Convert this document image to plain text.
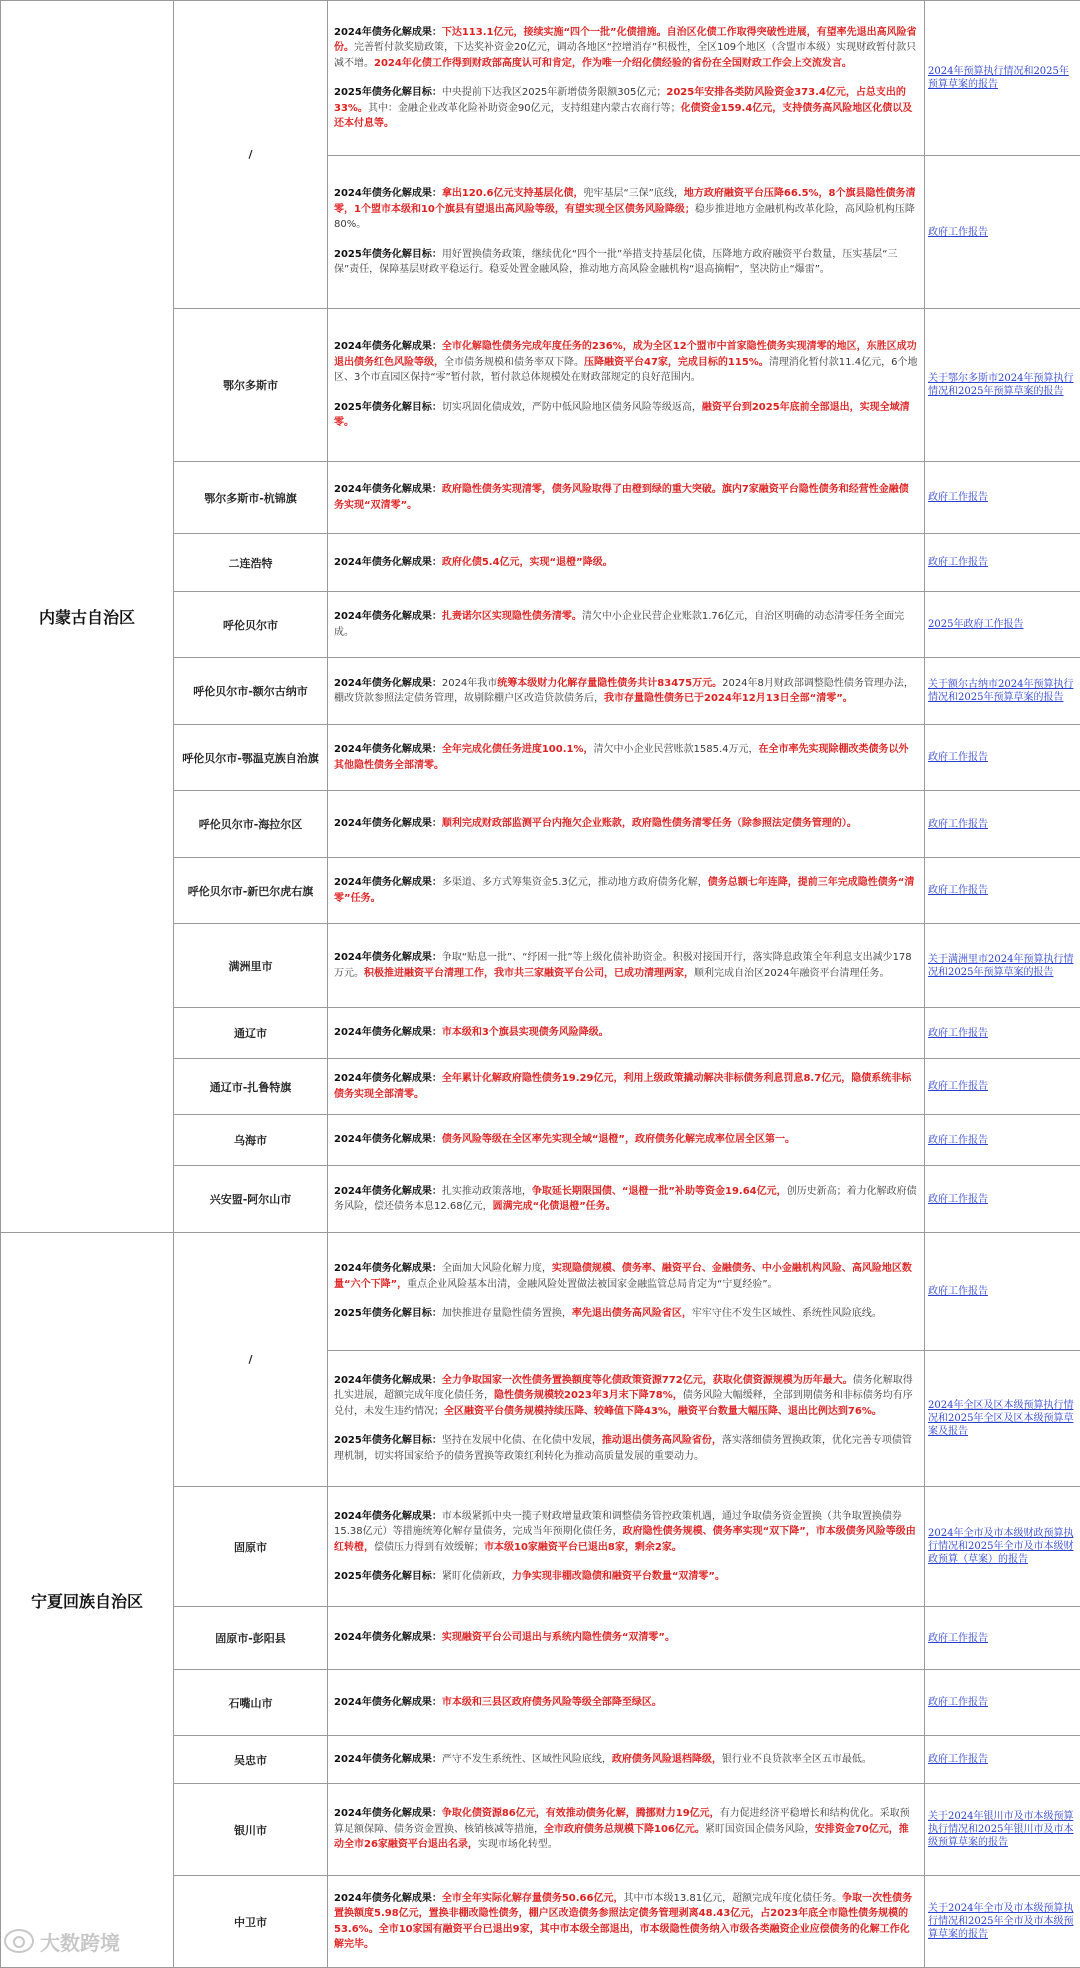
内蒙古自治区	/	2024年债务化解成果：下达113.1亿元，接续实施“四个一批”化债措施。自治区化债工作取得突破性进展，有望率先退出高风险省份。完善暂付款奖励政策，下达奖补资金20亿元，调动各地区“控增消存”积极性，全区109个地区（含盟市本级）实现财政暂付款只减不增。2024年化债工作得到财政部高度认可和肯定，作为唯一介绍化债经验的省份在全国财政工作会上交流发言。
2025年债务化解目标：中央提前下达我区2025年新增债务限额305亿元；2025年安排各类防风险资金373.4亿元，占总支出的33%。其中：金融企业改革化险补助资金90亿元，支持组建内蒙古农商行等；化债资金159.4亿元，支持债务高风险地区化债以及还本付息等。	2024年预算执行情况和2025年预算草案的报告

		2024年债务化解成果：拿出120.6亿元支持基层化债，兜牢基层“三保”底线，地方政府融资平台压降66.5%，8个旗县隐性债务清零，1个盟市本级和10个旗县有望退出高风险等级，有望实现全区债务风险降级；稳步推进地方金融机构改革化险，高风险机构压降80%。
2025年债务化解目标：用好置换债务政策，继续优化“四个一批”举措支持基层化债，压降地方政府融资平台数量，压实基层“三保”责任，保障基层财政平稳运行。稳妥处置金融风险，推动地方高风险金融机构“退高摘帽”，坚决防止“爆雷”。	政府工作报告
	鄂尔多斯市	2024年债务化解成果：全市化解隐性债务完成年度任务的236%，成为全区12个盟市中首家隐性债务实现清零的地区，东胜区成功退出债务红色风险等级，全市债务规模和债务率双下降。压降融资平台47家，完成目标的115%。清理消化暂付款11.4亿元，6个地区、3个市直园区保持“零”暂付款，暂付款总体规模处在财政部规定的良好范围内。
2025年债务化解目标：切实巩固化债成效，严防中低风险地区债务风险等级返高，融资平台到2025年底前全部退出，实现全域清零。	关于鄂尔多斯市2024年预算执行情况和2025年预算草案的报告
	鄂尔多斯市-杭锦旗	2024年债务化解成果：政府隐性债务实现清零，债务风险取得了由橙到绿的重大突破。旗内7家融资平台隐性债务和经营性金融债务实现“双清零”。	政府工作报告
	二连浩特	2024年债务化解成果：政府化债5.4亿元，实现“退橙”降级。	政府工作报告
	呼伦贝尔市	2024年债务化解成果：扎赉诺尔区实现隐性债务清零。清欠中小企业民营企业账款1.76亿元，自治区明确的动态清零任务全面完成。	2025年政府工作报告
	呼伦贝尔市-额尔古纳市	2024年债务化解成果：2024年我市统筹本级财力化解存量隐性债务共计83475万元。2024年8月财政部调整隐性债务管理办法，棚改贷款参照法定债务管理，故剔除棚户区改造贷款债务后，我市存量隐性债务已于2024年12月13日全部“清零”。	关于额尔古纳市2024年预算执行情况和2025年预算草案的报告
	呼伦贝尔市-鄂温克族自治旗	2024年债务化解成果：全年完成化债任务进度100.1%，清欠中小企业民营账款1585.4万元，在全市率先实现除棚改类债务以外其他隐性债务全部清零。	政府工作报告
	呼伦贝尔市-海拉尔区	2024年债务化解成果：顺利完成财政部监测平台内拖欠企业账款，政府隐性债务清零任务（除参照法定债务管理的）。	政府工作报告
	呼伦贝尔市-新巴尔虎右旗	2024年债务化解成果：多渠道、多方式筹集资金5.3亿元，推动地方政府债务化解，债务总额七年连降，提前三年完成隐性债务“清零”任务。	政府工作报告
	满洲里市	2024年债务化解成果：争取“贴息一批”、“纾困一批”等上级化债补助资金。积极对接国开行，落实降息政策全年利息支出减少178万元。积极推进融资平台清理工作，我市共三家融资平台公司，已成功清理两家，顺利完成自治区2024年融资平台清理任务。	关于满洲里市2024年预算执行情况和2025年预算草案的报告
	通辽市	2024年债务化解成果：市本级和3个旗县实现债务风险降级。	政府工作报告
	通辽市-扎鲁特旗	2024年债务化解成果：全年累计化解政府隐性债务19.29亿元，利用上级政策撬动解决非标债务利息罚息8.7亿元，隐债系统非标债务实现全部清零。	政府工作报告
	乌海市	2024年债务化解成果：债务风险等级在全区率先实现全域“退橙”，政府债务化解完成率位居全区第一。	政府工作报告
	兴安盟-阿尔山市	2024年债务化解成果：扎实推动政策落地，争取延长期限国债、“退橙一批”补助等资金19.64亿元，创历史新高；着力化解政府债务风险，偿还债务本息12.68亿元，圆满完成“化债退橙”任务。	政府工作报告

宁夏回族自治区	/	2024年债务化解成果：全面加大风险化解力度，实现隐债规模、债务率、融资平台、金融债务、中小金融机构风险、高风险地区数量“六个下降”，重点企业风险基本出清，金融风险处置做法被国家金融监管总局肯定为“宁夏经验”。
2025年债务化解目标：加快推进存量隐性债务置换，率先退出债务高风险省区，牢牢守住不发生区域性、系统性风险底线。	政府工作报告

		2024年债务化解成果：全力争取国家一次性债务置换额度等化债政策资源772亿元，获取化债资源规模为历年最大。债务化解取得扎实进展，超额完成年度化债任务，隐性债务规模较2023年3月末下降78%，债务风险大幅缓释，全部到期债务和非标债务均有序兑付，未发生违约情况；全区融资平台债务规模持续压降、较峰值下降43%，融资平台数量大幅压降、退出比例达到76%。
2025年债务化解目标：坚持在发展中化债、在化债中发展，推动退出债务高风险省份，落实落细债务置换政策，优化完善专项债管理机制，切实将国家给予的债务置换等政策红利转化为推动高质量发展的重要动力。	2024年全区及区本级预算执行情况和2025年全区及区本级预算草案及报告
	固原市	2024年债务化解成果：市本级紧抓中央一揽子财政增量政策和调整债务管控政策机遇，通过争取债务资金置换（共争取置换债券15.38亿元）等措施统筹化解存量债务，完成当年预期化债任务，政府隐性债务规模、债务率实现“双下降”，市本级债务风险等级由红转橙，偿债压力得到有效缓解；市本级10家融资平台已退出8家，剩余2家。
2025年债务化解目标：紧盯化债新政，力争实现非棚改隐债和融资平台数量“双清零”。	2024年全市及市本级财政预算执行情况和2025年全市及市本级财政预算（草案）的报告
	固原市-彭阳县	2024年债务化解成果：实现融资平台公司退出与系统内隐性债务“双清零”。	政府工作报告
	石嘴山市	2024年债务化解成果：市本级和三县区政府债务风险等级全部降至绿区。	政府工作报告
	吴忠市	2024年债务化解成果：严守不发生系统性、区域性风险底线，政府债务风险退档降级，银行业不良贷款率全区五市最低。	政府工作报告
	银川市	2024年债务化解成果：争取化债资源86亿元，有效推动债务化解，腾挪财力19亿元，有力促进经济平稳增长和结构优化。采取预算足额保障、债务资金置换、核销核减等措施，全市政府债务总规模下降106亿元。紧盯国资国企债务风险，安排资金70亿元，推动全市26家融资平台退出名录，实现市场化转型。	关于2024年银川市及市本级预算执行情况和2025年银川市及市本级预算草案的报告
	中卫市	2024年债务化解成果：全市全年实际化解存量债务50.66亿元，其中市本级13.81亿元，超额完成年度化债任务。争取一次性债务置换额度5.98亿元，置换非棚改隐性债务，棚户区改造债务参照法定债务管理剥离48.43亿元，占2023年底全市隐性债务规模的53.6%。全市10家国有融资平台已退出9家，其中市本级全部退出，市本级隐性债务纳入市级各类融资企业应偿债务的化解工作化解完毕。	关于2024年全市及市本级预算执行情况和2025年全市及市本级预算草案的报告

大数跨境
